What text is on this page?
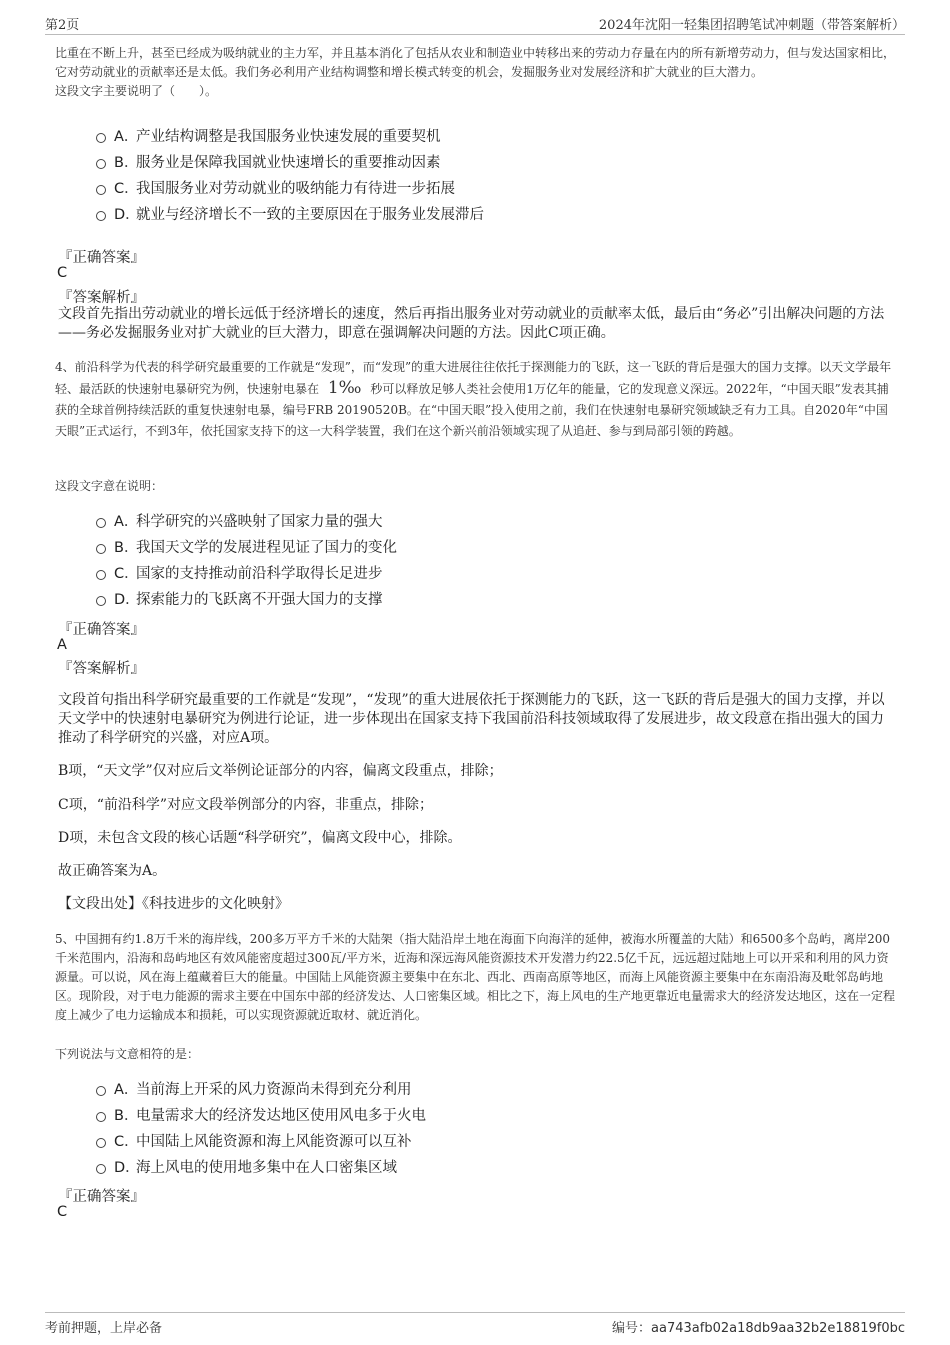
第2页	2024年沈阳一轻集团招聘笔试冲刺题（带答案解析）
比重在不断上升，甚至已经成为吸纳就业的主力军，并且基本消化了包括从农业和制造业中转移出来的劳动力存量在内的所有新增劳动力，但与发达国家相比，它对劳动就业的贡献率还是太低。我们务必利用产业结构调整和增长模式转变的机会，发掘服务业对发展经济和扩大就业的巨大潜力。
这段文字主要说明了（　　）。
A．产业结构调整是我国服务业快速发展的重要契机
B．服务业是保障我国就业快速增长的重要推动因素
C．我国服务业对劳动就业的吸纳能力有待进一步拓展
D．就业与经济增长不一致的主要原因在于服务业发展滞后
『正确答案』
C
『答案解析』
文段首先指出劳动就业的增长远低于经济增长的速度，然后再指出服务业对劳动就业的贡献率太低，最后由“务必”引出解决问题的方法——务必发掘服务业对扩大就业的巨大潜力，即意在强调解决问题的方法。因此C项正确。
4、前沿科学为代表的科学研究最重要的工作就是“发现”，而“发现”的重大进展往往依托于探测能力的飞跃，这一飞跃的背后是强大的国力支撑。以天文学最年轻、最活跃的快速射电暴研究为例，快速射电暴在 1‰ 秒可以释放足够人类社会使用1万亿年的能量，它的发现意义深远。2022年，“中国天眼”发表其捕获的全球首例持续活跃的重复快速射电暴，编号FRB 20190520B。在“中国天眼”投入使用之前，我们在快速射电暴研究领域缺乏有力工具。自2020年“中国天眼”正式运行，不到3年，依托国家支持下的这一大科学装置，我们在这个新兴前沿领域实现了从追赶、参与到局部引领的跨越。
这段文字意在说明：
A．科学研究的兴盛映射了国家力量的强大
B．我国天文学的发展进程见证了国力的变化
C．国家的支持推动前沿科学取得长足进步
D．探索能力的飞跃离不开强大国力的支撑
『正确答案』
A
『答案解析』
文段首句指出科学研究最重要的工作就是“发现”，“发现”的重大进展依托于探测能力的飞跃，这一飞跃的背后是强大的国力支撑，并以天文学中的快速射电暴研究为例进行论证，进一步体现出在国家支持下我国前沿科技领域取得了发展进步，故文段意在指出强大的国力推动了科学研究的兴盛，对应A项。
B项，“天文学”仅对应后文举例论证部分的内容，偏离文段重点，排除；
C项，“前沿科学”对应文段举例部分的内容，非重点，排除；
D项，未包含文段的核心话题“科学研究”，偏离文段中心，排除。
故正确答案为A。
【文段出处】《科技进步的文化映射》
5、中国拥有约1.8万千米的海岸线，200多万平方千米的大陆架（指大陆沿岸土地在海面下向海洋的延伸，被海水所覆盖的大陆）和6500多个岛屿，离岸200千米范围内，沿海和岛屿地区有效风能密度超过300瓦/平方米，近海和深远海风能资源技术开发潜力约22.5亿千瓦，远远超过陆地上可以开采和利用的风力资源量。可以说，风在海上蕴藏着巨大的能量。中国陆上风能资源主要集中在东北、西北、西南高原等地区，而海上风能资源主要集中在东南沿海及毗邻岛屿地区。现阶段，对于电力能源的需求主要在中国东中部的经济发达、人口密集区域。相比之下，海上风电的生产地更靠近电量需求大的经济发达地区，这在一定程度上减少了电力运输成本和损耗，可以实现资源就近取材、就近消化。
下列说法与文意相符的是：
A．当前海上开采的风力资源尚未得到充分利用
B．电量需求大的经济发达地区使用风电多于火电
C．中国陆上风能资源和海上风能资源可以互补
D．海上风电的使用地多集中在人口密集区域
『正确答案』
C
考前押题，上岸必备	编号：aa743afb02a18db9aa32b2e18819f0bc
